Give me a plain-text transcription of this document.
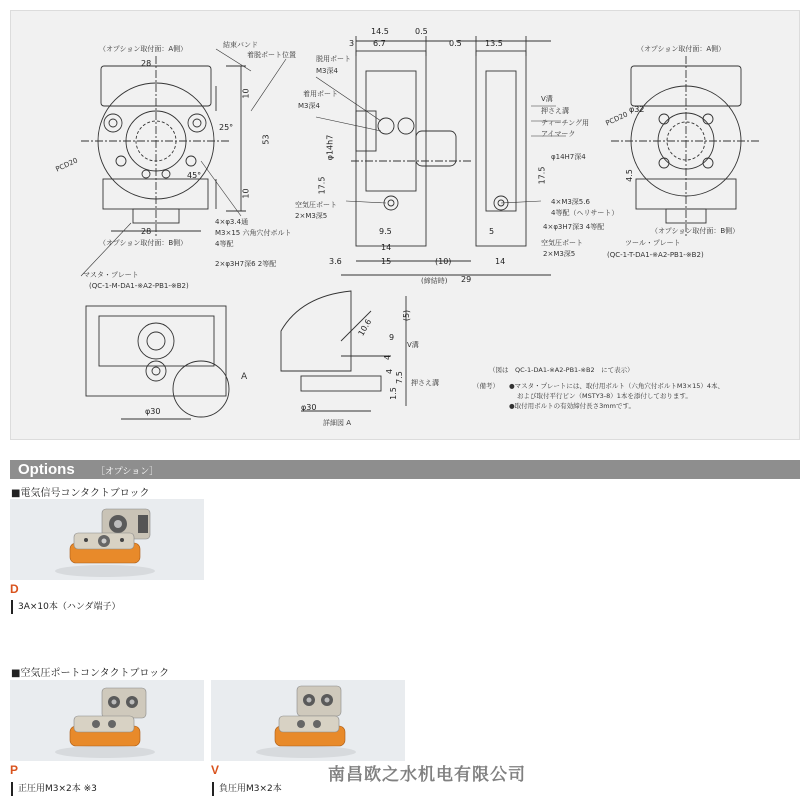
（オプション取付面：A側）	（オプション取付面：A側）
（オプション取付面：B側）
（オプション取付面：B側）
結束バンド
着脱ポート位置	脱用ポート
M3深4
着用ポート
M3深4
空気圧ポート
2×M3深5
V溝
押さえ溝
ティーチング用
アイマーク
φ14H7深4
4×M3深5.6
4等配（ヘリサート）
4×φ3H7深3 4等配
空気圧ポート
2×M3深5
ツール・プレート
(QC-1-T-DA1-※A2-PB1-※B2)
4×φ3.4通
M3×15 六角穴付ボルト
4等配
2×φ3H7深6 2等配
マスタ・プレート
(QC-1-M-DA1-※A2-PB1-※B2)
(締結時)
PCD20
PCD20
A
V溝
押さえ溝
詳細図 A
14.5	0.5
3 6.7	0.5	13.5
28
28
53
10
10
25°
45°	4.5
φ14h7
17.5
17.5
9.5	5
14
14
3.6	15	(10)
29
φ32
φ30	φ30
9
10.6
(5)
4
4
1.5
7.5
（図は　QC-1-DA1-※A2-PB1-※B2　にて表示）
（備考） ●マスタ・プレートには、取付用ボルト（六角穴付ボルトM3×15）4本、
および取付平行ピン（MSTY3-8）1本を添付しております。
●取付用ボルトの有効締付長さ3mmです。
Options ［オプション］
■電気信号コンタクトブロック
D
3A×10本（ハンダ端子）
■空気圧ポートコンタクトブロック
P
正圧用M3×2本 ※3
V
負圧用M3×2本
南昌欧之水机电有限公司
